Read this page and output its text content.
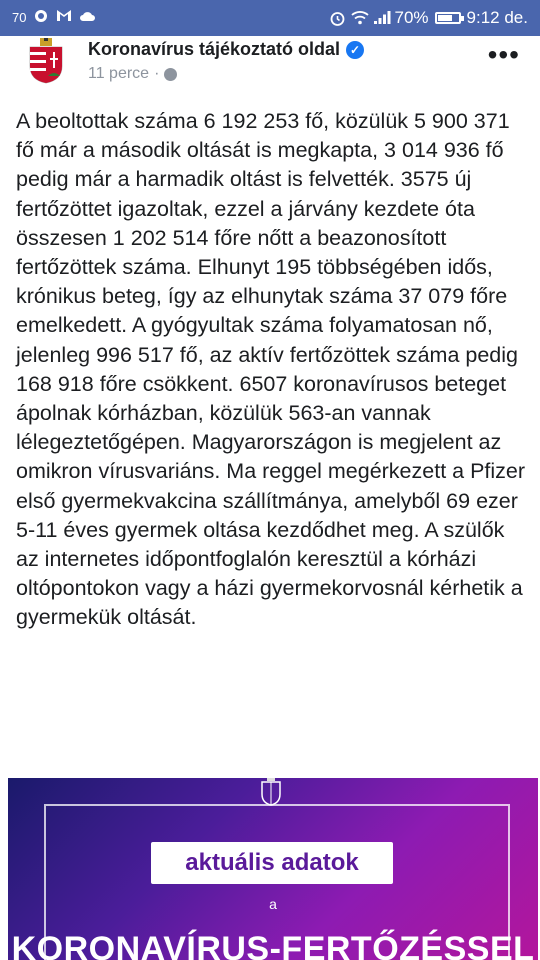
70	70% 9:12 de.
Koronavírus tájékoztató oldal ✓
11 perce ·
•••

A beoltottak száma 6 192 253 fő, közülük 5 900 371 fő már a második oltását is megkapta, 3 014 936 fő pedig már a harmadik oltást is felvették. 3575 új fertőzöttet igazoltak, ezzel a járvány kezdete óta összesen 1 202 514 főre nőtt a beazonosított fertőzöttek száma. Elhunyt 195 többségében idős, krónikus beteg, így az elhunytak száma 37 079 főre emelkedett. A gyógyultak száma folyamatosan nő, jelenleg 996 517 fő, az aktív fertőzöttek száma pedig 168 918 főre csökkent. 6507 koronavírusos beteget ápolnak kórházban, közülük 563-an vannak lélegeztetőgépen. Magyarországon is megjelent az omikron vírusvariáns. Ma reggel megérkezett a Pfizer első gyermekvakcina szállítmánya, amelyből 69 ezer 5-11 éves gyermek oltása kezdődhet meg. A szülők az internetes időpontfoglalón keresztül a kórházi oltópontokon vagy a házi gyermekorvosnál kérhetik a gyermekük oltását.

aktuális adatok
a
KORONAVÍRUS-FERTŐZÉSSEL
